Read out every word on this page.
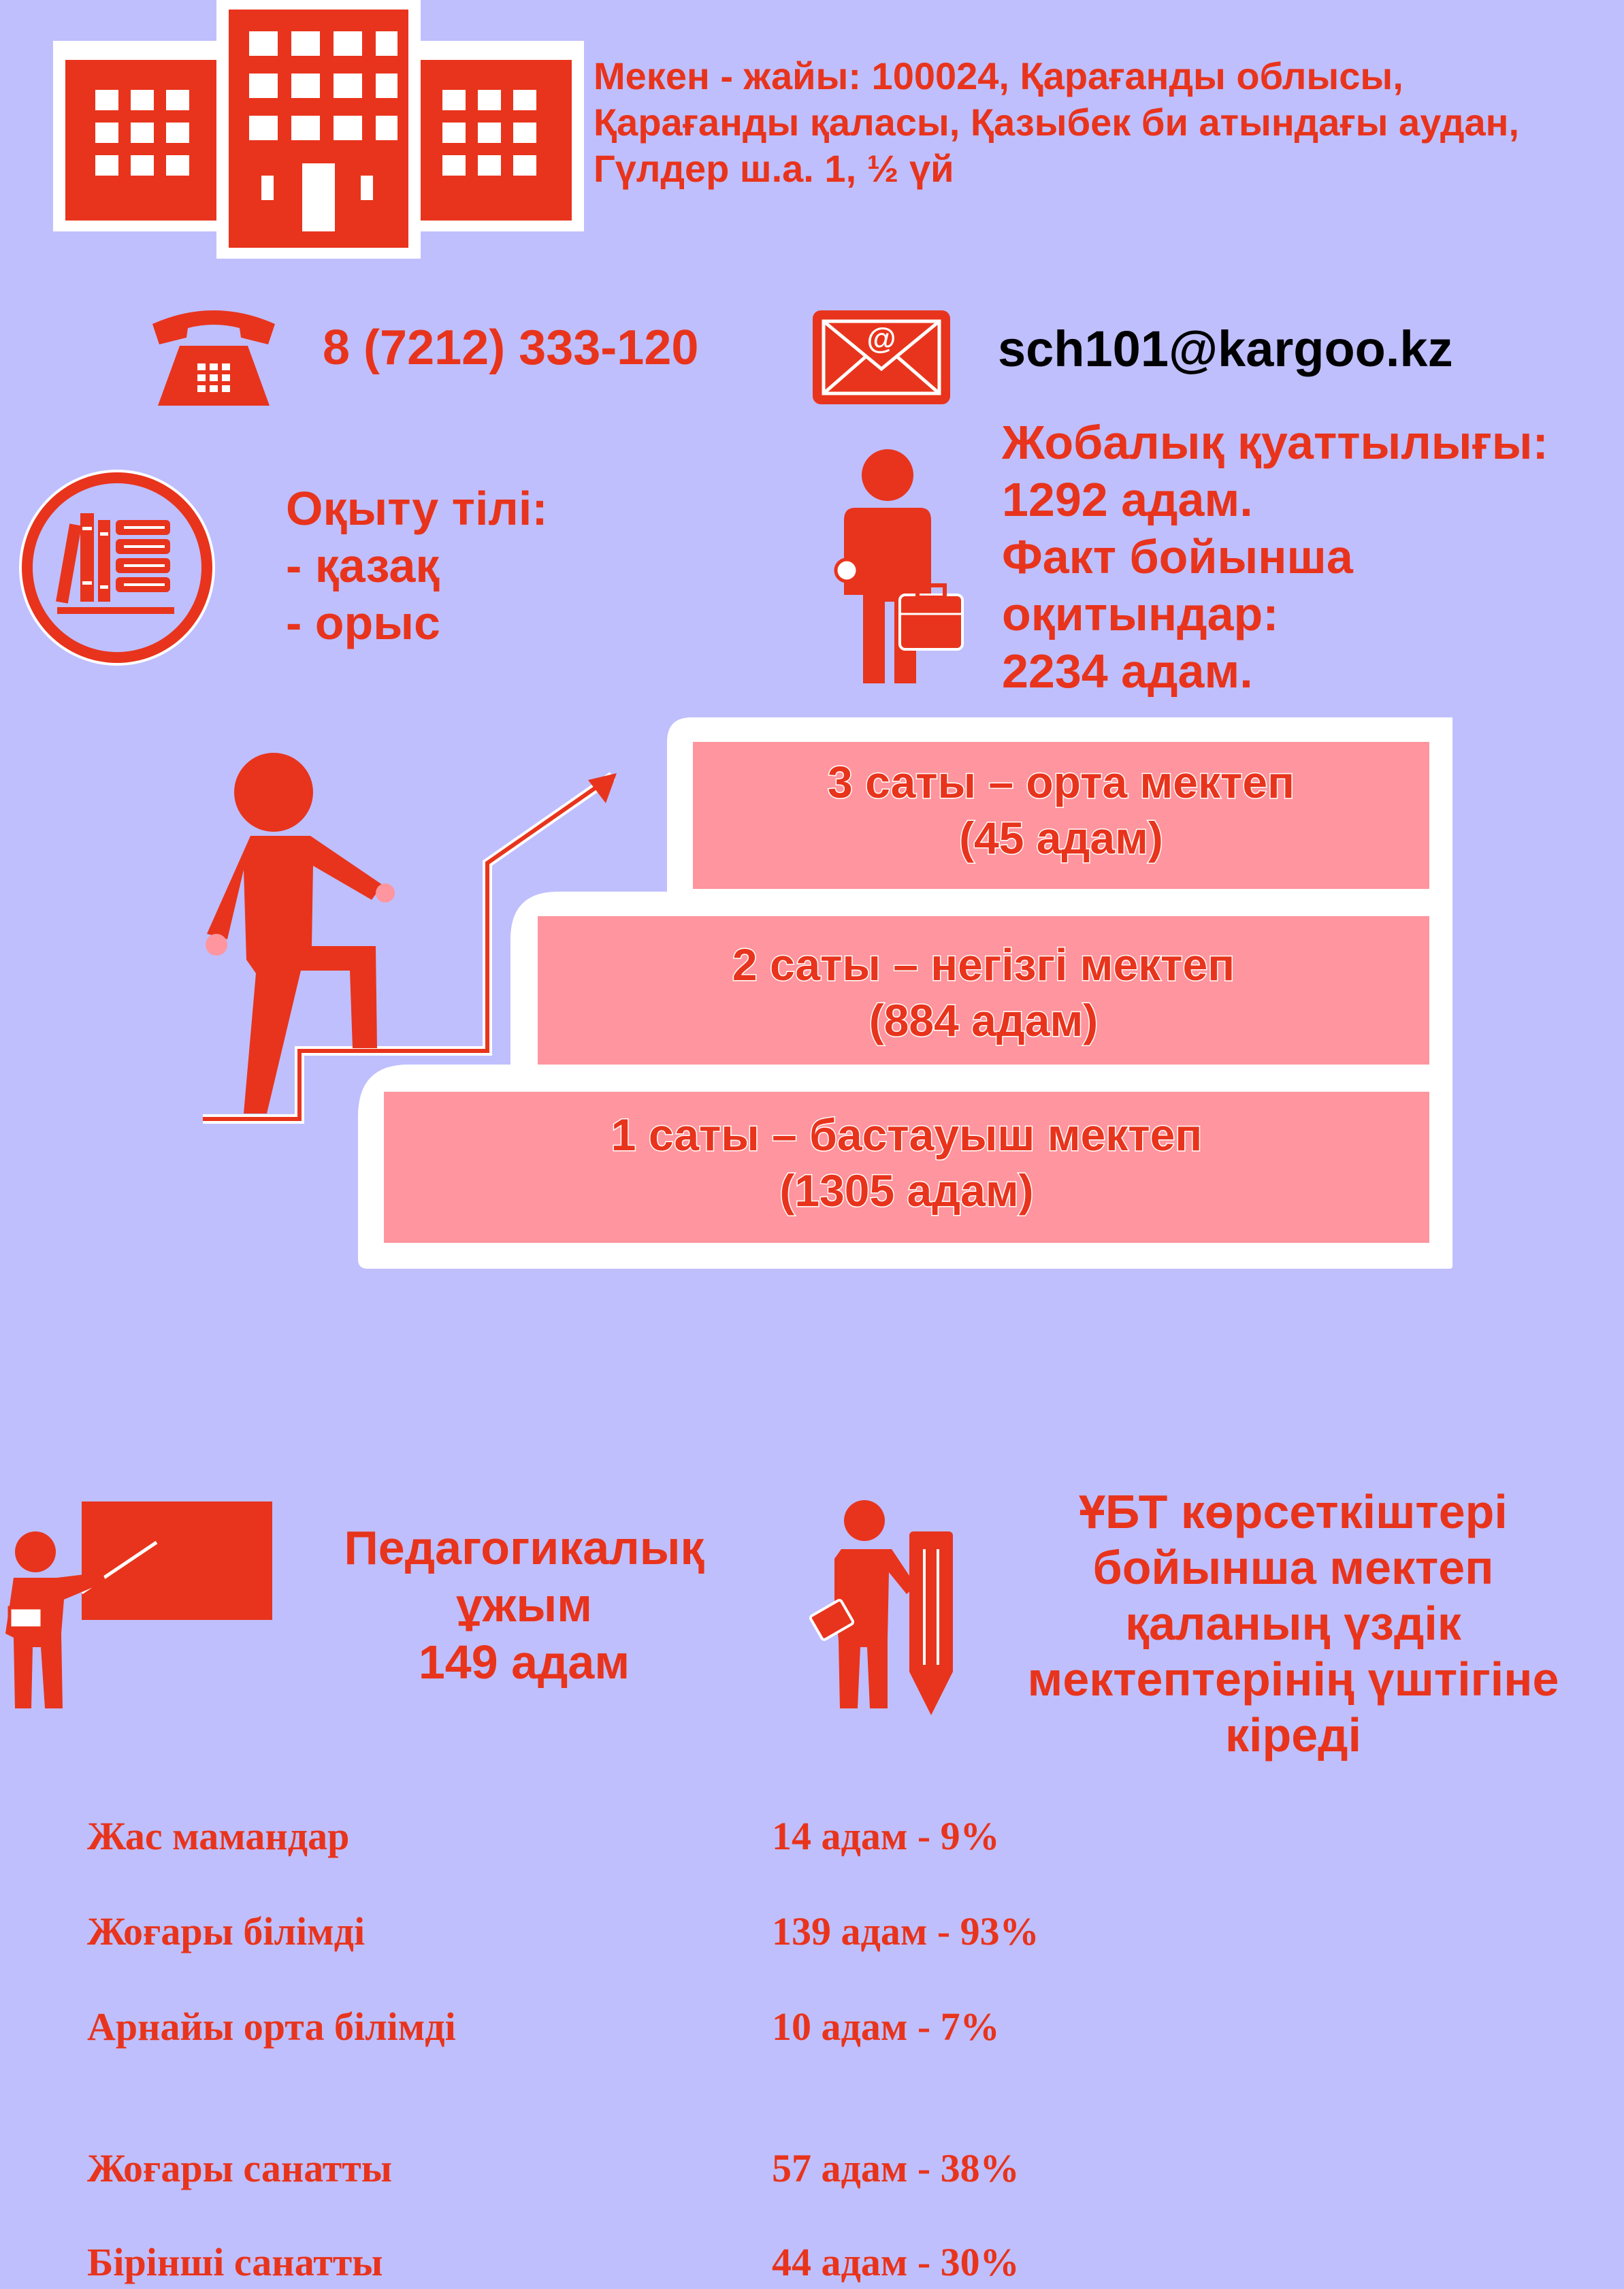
Мекен - жайы: 100024, Қарағанды облысы,
Қарағанды қаласы, Қазыбек би атындағы аудан,
Гүлдер ш.а. 1, ½ үй
8 (7212) 333-120	@ sch101@kargoo.kz
Оқыту тілі:
- қазақ
- орыс
Жобалық қуаттылығы:
1292 адам.
Факт бойынша
оқитындар:
2234 адам.
3 саты – орта мектеп
(45 адам)
2 саты – негізгі мектеп
(884 адам)
1 саты – бастауыш мектеп
(1305 адам)
Педагогикалық
ұжым
149 адам
ҰБТ көрсеткіштері
бойынша мектеп
қаланың үздік
мектептерінің үштігіне
кіреді
Жас мамандар	14 адам - 9%
Жоғары білімді	139 адам - 93%
Арнайы орта білімді	10 адам - 7%
Жоғары санатты	57 адам - 38%
Бірінші санатты	44 адам - 30%
